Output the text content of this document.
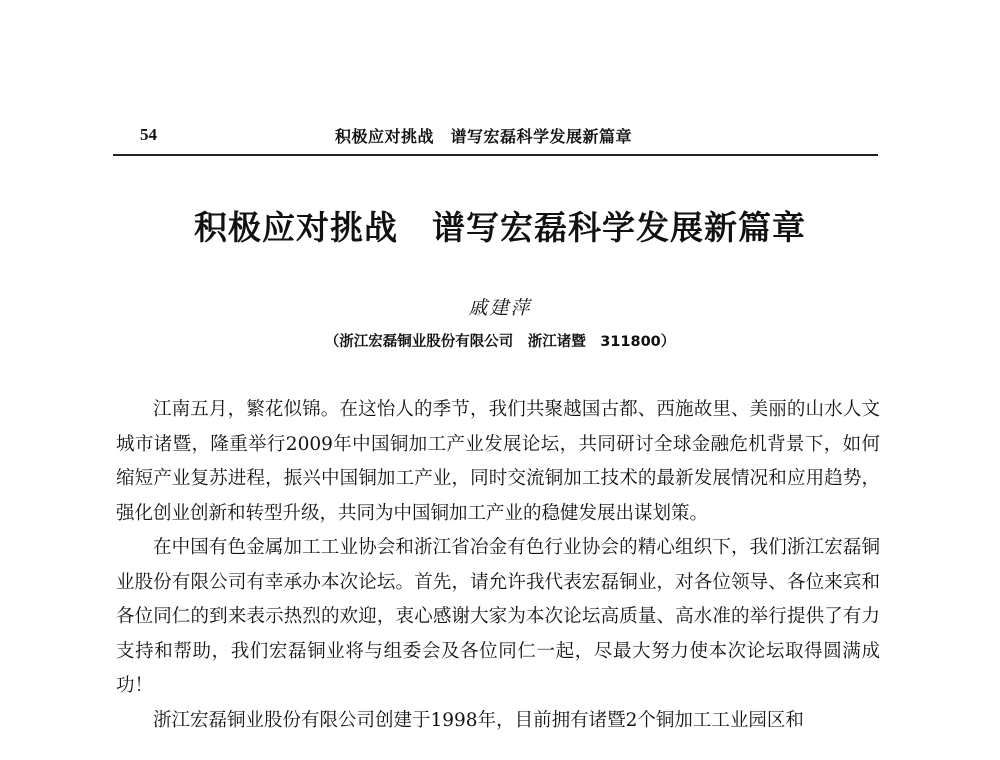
54	积极应对挑战　谱写宏磊科学发展新篇章
积极应对挑战　谱写宏磊科学发展新篇章
戚建萍
（浙江宏磊铜业股份有限公司　浙江诸暨　311800）

江南五月，繁花似锦。在这怡人的季节，我们共聚越国古都、西施故里、美丽的山水人文城市诸暨，隆重举行2009年中国铜加工产业发展论坛，共同研讨全球金融危机背景下，如何缩短产业复苏进程，振兴中国铜加工产业，同时交流铜加工技术的最新发展情况和应用趋势，强化创业创新和转型升级，共同为中国铜加工产业的稳健发展出谋划策。

在中国有色金属加工工业协会和浙江省冶金有色行业协会的精心组织下，我们浙江宏磊铜业股份有限公司有幸承办本次论坛。首先，请允许我代表宏磊铜业，对各位领导、各位来宾和各位同仁的到来表示热烈的欢迎，衷心感谢大家为本次论坛高质量、高水准的举行提供了有力支持和帮助，我们宏磊铜业将与组委会及各位同仁一起，尽最大努力使本次论坛取得圆满成功！

浙江宏磊铜业股份有限公司创建于1998年，目前拥有诸暨2个铜加工工业园区和
